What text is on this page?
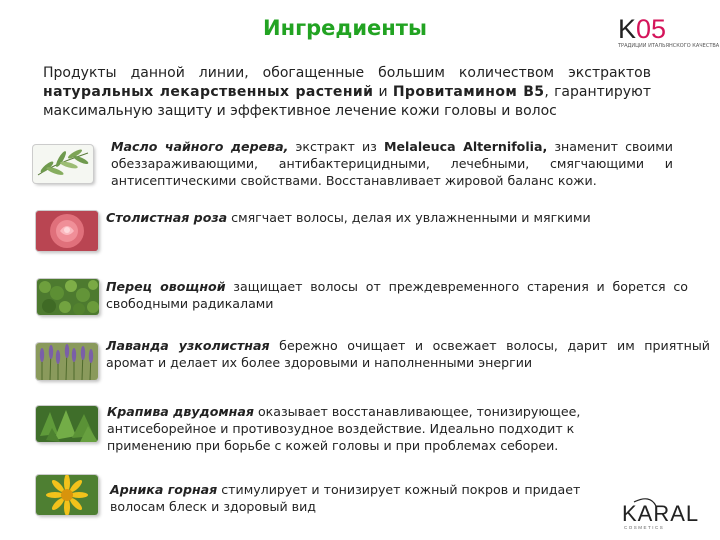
Ингредиенты	K05
ТРАДИЦИИ ИТАЛЬЯНСКОГО КАЧЕСТВА
Продукты данной линии, обогащенные большим количеством экстрактов натуральных лекарственных растений и Провитамином В5, гарантируют максимальную защиту и эффективное лечение кожи головы и волос
Масло чайного дерева, экстракт из Melaleuca Alternifolia, знаменит своими обеззараживающими, антибактерицидными, лечебными, смягчающими и антисептическими свойствами. Восстанавливает жировой баланс кожи.
Столистная роза смягчает волосы, делая их увлажненными и мягкими
Перец овощной защищает волосы от преждевременного старения и борется со свободными радикалами
Лаванда узколистная бережно очищает и освежает волосы, дарит им приятный аромат и делает их более здоровыми и наполненными энергии
Крапива двудомная оказывает восстанавливающее, тонизирующее, антисеборейное и противозудное воздействие. Идеально подходит к применению при борьбе с кожей головы и при проблемах себореи.
Арника горная стимулирует и тонизирует кожный покров и придает волосам блеск и здоровый вид	KARAL
COSMETICS
